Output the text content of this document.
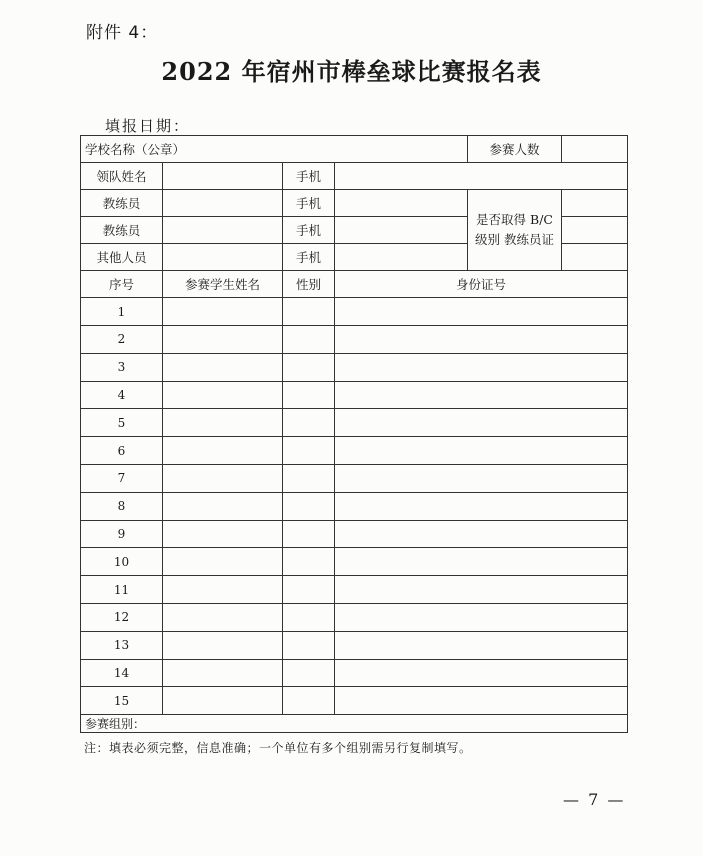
附件 4：
2022 年宿州市棒垒球比赛报名表
填报日期：
学校名称（公章）				参赛人数	
领队姓名		手机			
教练员		手机		是否取得 B/C 级别 教练员证	
教练员		手机			
其他人员		手机			
序号	参赛学生姓名	性别	身份证号		
1					
2					
3					
4					
5					
6					
7					
8					
9					
10					
11					
12					
13					
14					
15					
参赛组别：					
注：填表必须完整，信息准确；一个单位有多个组别需另行复制填写。
— 7 —
